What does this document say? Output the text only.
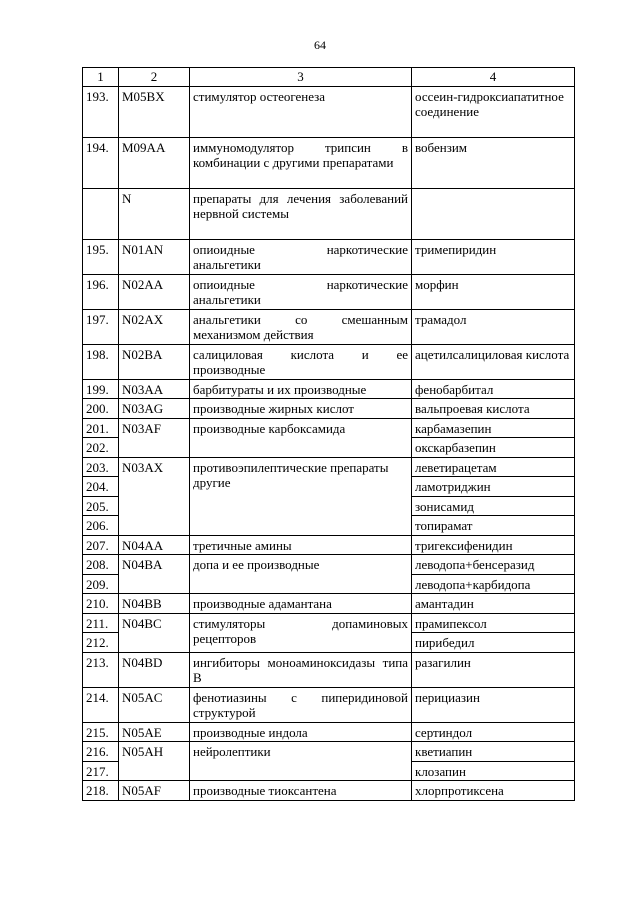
64
1	2	3	4
193.	M05BX	стимулятор остеогенеза	оссеин-гидроксиапатитное соединение
194.	M09AA	иммуномодулятор трипсин в комбинации с другими препаратами	вобензим
	N	препараты для лечения заболеваний нервной системы	
195.	N01AN	опиоидные наркотические анальгетики	тримепиридин
196.	N02AA	опиоидные наркотические анальгетики	морфин
197.	N02AX	анальгетики со смешанным механизмом действия	трамадол
198.	N02BA	салициловая кислота и ее производные	ацетилсалициловая кислота
199.	N03AA	барбитураты и их производные	фенобарбитал
200.	N03AG	производные жирных кислот	вальпроевая кислота
201.	N03AF	производные карбоксамида	карбамазепин
202.			окскарбазепин
203.	N03AX	противоэпилептические препараты другие	леветирацетам
204.			ламотриджин
205.			зонисамид
206.			топирамат
207.	N04AA	третичные амины	тригексифенидин
208.	N04BA	допа и ее производные	леводопа+бенсеразид
209.			леводопа+карбидопа
210.	N04BB	производные адамантана	амантадин
211.	N04BC	стимуляторы допаминовых рецепторов	прамипексол
212.			пирибедил
213.	N04BD	ингибиторы моноаминоксидазы типа В	разагилин
214.	N05AC	фенотиазины с пиперидиновой структурой	перициазин
215.	N05AE	производные индола	сертиндол
216.	N05AH	нейролептики	кветиапин
217.			клозапин
218.	N05AF	производные тиоксантена	хлорпротиксена
